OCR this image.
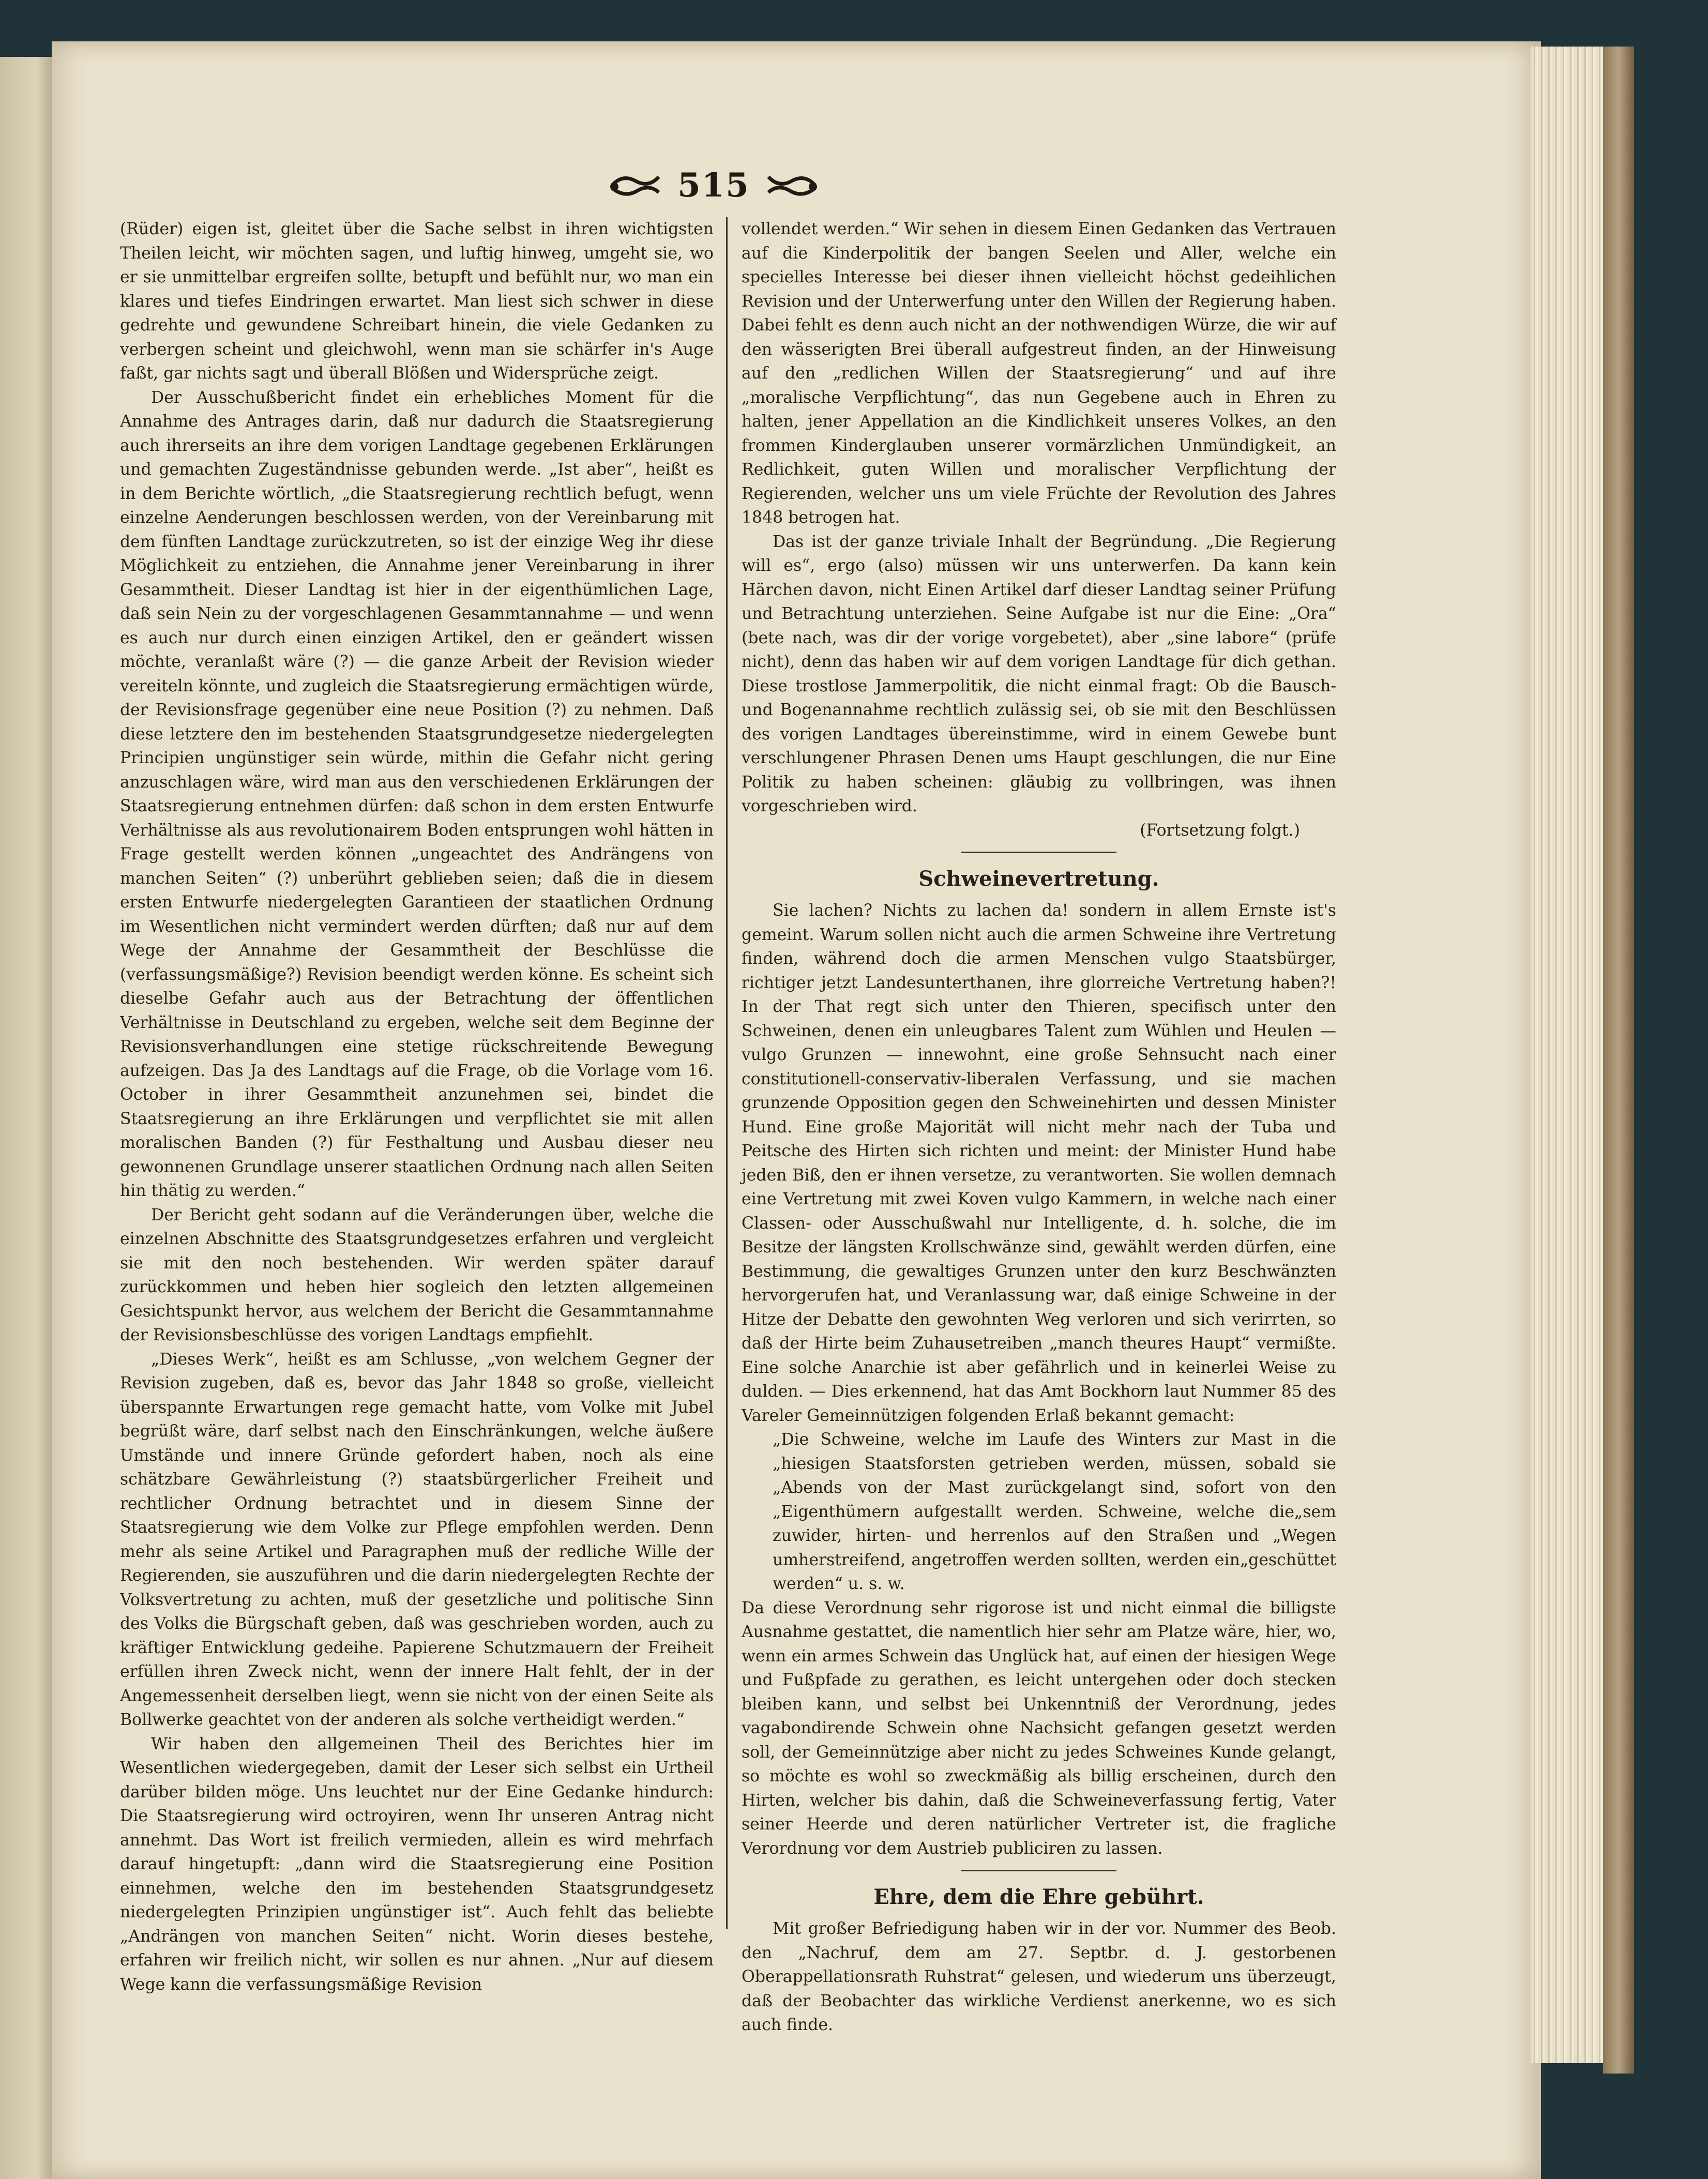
515

(Rüder) eigen ist, gleitet über die Sache selbst in ihren wichtigsten Theilen leicht, wir möchten sagen, und luftig hinweg, umgeht sie, wo er sie unmittelbar ergreifen sollte, betupft und befühlt nur, wo man ein klares und tiefes Eindringen erwartet. Man liest sich schwer in diese gedrehte und gewundene Schreibart hinein, die viele Gedanken zu verbergen scheint und gleichwohl, wenn man sie schärfer in's Auge faßt, gar nichts sagt und überall Blößen und Widersprüche zeigt.

Der Ausschußbericht findet ein erhebliches Moment für die Annahme des Antrages darin, daß nur dadurch die Staatsregierung auch ihrerseits an ihre dem vorigen Landtage gegebenen Erklärungen und gemachten Zugeständnisse gebunden werde. „Ist aber“, heißt es in dem Berichte wörtlich, „die Staatsregierung rechtlich befugt, wenn einzelne Aenderungen beschlossen werden, von der Vereinbarung mit dem fünften Landtage zurückzutreten, so ist der einzige Weg ihr diese Möglichkeit zu entziehen, die Annahme jener Vereinbarung in ihrer Gesammtheit. Dieser Landtag ist hier in der eigenthümlichen Lage, daß sein Nein zu der vorgeschlagenen Gesammtannahme — und wenn es auch nur durch einen einzigen Artikel, den er geändert wissen möchte, veranlaßt wäre (?) — die ganze Arbeit der Revision wieder vereiteln könnte, und zugleich die Staatsregierung ermächtigen würde, der Revisionsfrage gegenüber eine neue Position (?) zu nehmen. Daß diese letztere den im bestehenden Staatsgrundgesetze niedergelegten Principien ungünstiger sein würde, mithin die Gefahr nicht gering anzuschlagen wäre, wird man aus den verschiedenen Erklärungen der Staatsregierung entnehmen dürfen: daß schon in dem ersten Entwurfe Verhältnisse als aus revolutionairem Boden entsprungen wohl hätten in Frage gestellt werden können „ungeachtet des Andrängens von manchen Seiten“ (?) unberührt geblieben seien; daß die in diesem ersten Entwurfe niedergelegten Garantieen der staatlichen Ordnung im Wesentlichen nicht vermindert werden dürften; daß nur auf dem Wege der Annahme der Gesammtheit der Beschlüsse die (verfassungsmäßige?) Revision beendigt werden könne. Es scheint sich dieselbe Gefahr auch aus der Betrachtung der öffentlichen Verhältnisse in Deutschland zu ergeben, welche seit dem Beginne der Revisionsverhandlungen eine stetige rückschreitende Bewegung aufzeigen. Das Ja des Landtags auf die Frage, ob die Vorlage vom 16. October in ihrer Gesammtheit anzunehmen sei, bindet die Staatsregierung an ihre Erklärungen und verpflichtet sie mit allen moralischen Banden (?) für Festhaltung und Ausbau dieser neu gewonnenen Grundlage unserer staatlichen Ordnung nach allen Seiten hin thätig zu werden.“

Der Bericht geht sodann auf die Veränderungen über, welche die einzelnen Abschnitte des Staatsgrundgesetzes erfahren und vergleicht sie mit den noch bestehenden. Wir werden später darauf zurückkommen und heben hier sogleich den letzten allgemeinen Gesichtspunkt hervor, aus welchem der Bericht die Gesammtannahme der Revisionsbeschlüsse des vorigen Landtags empfiehlt.

„Dieses Werk“, heißt es am Schlusse, „von welchem Gegner der Revision zugeben, daß es, bevor das Jahr 1848 so große, vielleicht überspannte Erwartungen rege gemacht hatte, vom Volke mit Jubel begrüßt wäre, darf selbst nach den Einschränkungen, welche äußere Umstände und innere Gründe gefordert haben, noch als eine schätzbare Gewährleistung (?) staatsbürgerlicher Freiheit und rechtlicher Ordnung betrachtet und in diesem Sinne der Staatsregierung wie dem Volke zur Pflege empfohlen werden. Denn mehr als seine Artikel und Paragraphen muß der redliche Wille der Regierenden, sie auszuführen und die darin niedergelegten Rechte der Volksvertretung zu achten, muß der gesetzliche und politische Sinn des Volks die Bürgschaft geben, daß was geschrieben worden, auch zu kräftiger Entwicklung gedeihe. Papierene Schutzmauern der Freiheit erfüllen ihren Zweck nicht, wenn der innere Halt fehlt, der in der Angemessenheit derselben liegt, wenn sie nicht von der einen Seite als Bollwerke geachtet von der anderen als solche vertheidigt werden.“

Wir haben den allgemeinen Theil des Berichtes hier im Wesentlichen wiedergegeben, damit der Leser sich selbst ein Urtheil darüber bilden möge. Uns leuchtet nur der Eine Gedanke hindurch: Die Staatsregierung wird octroyiren, wenn Ihr unseren Antrag nicht annehmt. Das Wort ist freilich vermieden, allein es wird mehrfach darauf hingetupft: „dann wird die Staatsregierung eine Position einnehmen, welche den im bestehenden Staatsgrundgesetz niedergelegten Prinzipien ungünstiger ist“. Auch fehlt das beliebte „Andrängen von manchen Seiten“ nicht. Worin dieses bestehe, erfahren wir freilich nicht, wir sollen es nur ahnen. „Nur auf diesem Wege kann die verfassungsmäßige Revision

vollendet werden.“ Wir sehen in diesem Einen Gedanken das Vertrauen auf die Kinderpolitik der bangen Seelen und Aller, welche ein specielles Interesse bei dieser ihnen vielleicht höchst gedeihlichen Revision und der Unterwerfung unter den Willen der Regierung haben. Dabei fehlt es denn auch nicht an der nothwendigen Würze, die wir auf den wässerigten Brei überall aufgestreut finden, an der Hinweisung auf den „redlichen Willen der Staatsregierung“ und auf ihre „moralische Verpflichtung“, das nun Gegebene auch in Ehren zu halten, jener Appellation an die Kindlichkeit unseres Volkes, an den frommen Kinderglauben unserer vormärzlichen Unmündigkeit, an Redlichkeit, guten Willen und moralischer Verpflichtung der Regierenden, welcher uns um viele Früchte der Revolution des Jahres 1848 betrogen hat.

Das ist der ganze triviale Inhalt der Begründung. „Die Regierung will es“, ergo (also) müssen wir uns unterwerfen. Da kann kein Härchen davon, nicht Einen Artikel darf dieser Landtag seiner Prüfung und Betrachtung unterziehen. Seine Aufgabe ist nur die Eine: „Ora“ (bete nach, was dir der vorige vorgebetet), aber „sine labore“ (prüfe nicht), denn das haben wir auf dem vorigen Landtage für dich gethan. Diese trostlose Jammerpolitik, die nicht einmal fragt: Ob die Bausch- und Bogenannahme rechtlich zulässig sei, ob sie mit den Beschlüssen des vorigen Landtages übereinstimme, wird in einem Gewebe bunt verschlungener Phrasen Denen ums Haupt geschlungen, die nur Eine Politik zu haben scheinen: gläubig zu vollbringen, was ihnen vorgeschrieben wird.

(Fortsetzung folgt.)

Schweinevertretung.

Sie lachen? Nichts zu lachen da! sondern in allem Ernste ist's gemeint. Warum sollen nicht auch die armen Schweine ihre Vertretung finden, während doch die armen Menschen vulgo Staatsbürger, richtiger jetzt Landesunterthanen, ihre glorreiche Vertretung haben?! In der That regt sich unter den Thieren, specifisch unter den Schweinen, denen ein unleugbares Talent zum Wühlen und Heulen — vulgo Grunzen — innewohnt, eine große Sehnsucht nach einer constitutionell-conservativ-liberalen Verfassung, und sie machen grunzende Opposition gegen den Schweinehirten und dessen Minister Hund. Eine große Majorität will nicht mehr nach der Tuba und Peitsche des Hirten sich richten und meint: der Minister Hund habe jeden Biß, den er ihnen versetze, zu verantworten. Sie wollen demnach eine Vertretung mit zwei Koven vulgo Kammern, in welche nach einer Classen- oder Ausschußwahl nur Intelligente, d. h. solche, die im Besitze der längsten Krollschwänze sind, gewählt werden dürfen, eine Bestimmung, die gewaltiges Grunzen unter den kurz Beschwänzten hervorgerufen hat, und Veranlassung war, daß einige Schweine in der Hitze der Debatte den gewohnten Weg verloren und sich verirrten, so daß der Hirte beim Zuhausetreiben „manch theures Haupt“ vermißte. Eine solche Anarchie ist aber gefährlich und in keinerlei Weise zu dulden. — Dies erkennend, hat das Amt Bockhorn laut Nummer 85 des Vareler Gemeinnützigen folgenden Erlaß bekannt gemacht:

„Die Schweine, welche im Laufe des Winters zur Mast in die „hiesigen Staatsforsten getrieben werden, müssen, sobald sie „Abends von der Mast zurückgelangt sind, sofort von den „Eigenthümern aufgestallt werden. Schweine, welche die„sem zuwider, hirten- und herrenlos auf den Straßen und „Wegen umherstreifend, angetroffen werden sollten, werden ein„geschüttet werden“ u. s. w.

Da diese Verordnung sehr rigorose ist und nicht einmal die billigste Ausnahme gestattet, die namentlich hier sehr am Platze wäre, hier, wo, wenn ein armes Schwein das Unglück hat, auf einen der hiesigen Wege und Fußpfade zu gerathen, es leicht untergehen oder doch stecken bleiben kann, und selbst bei Unkenntniß der Verordnung, jedes vagabondirende Schwein ohne Nachsicht gefangen gesetzt werden soll, der Gemeinnützige aber nicht zu jedes Schweines Kunde gelangt, so möchte es wohl so zweckmäßig als billig erscheinen, durch den Hirten, welcher bis dahin, daß die Schweineverfassung fertig, Vater seiner Heerde und deren natürlicher Vertreter ist, die fragliche Verordnung vor dem Austrieb publiciren zu lassen.

Ehre, dem die Ehre gebührt.

Mit großer Befriedigung haben wir in der vor. Nummer des Beob. den „Nachruf, dem am 27. Septbr. d. J. gestorbenen Oberappellationsrath Ruhstrat“ gelesen, und wiederum uns überzeugt, daß der Beobachter das wirkliche Verdienst anerkenne, wo es sich auch finde.
